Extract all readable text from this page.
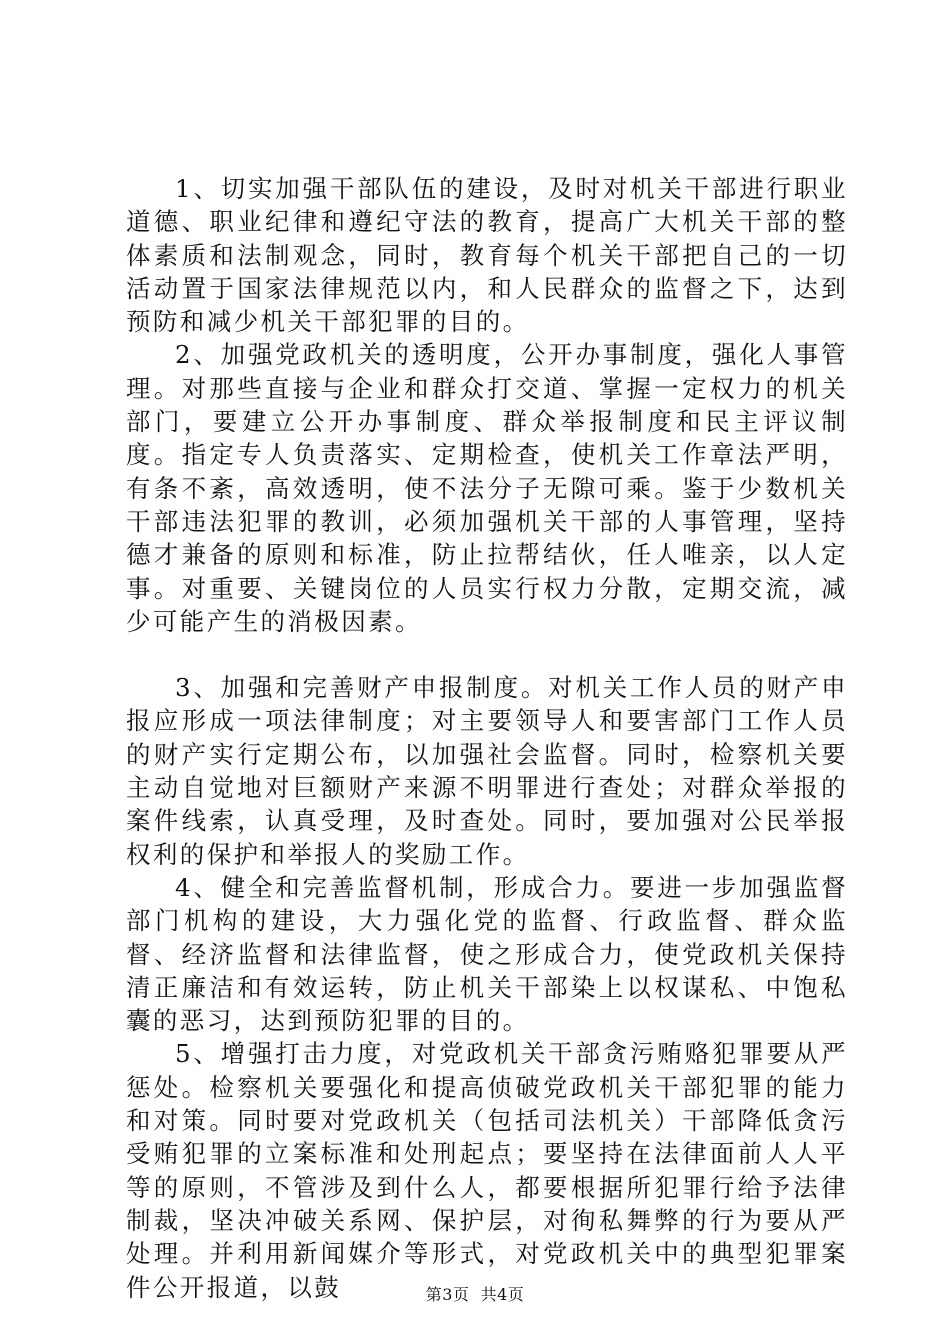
1、切实加强干部队伍的建设，及时对机关干部进行职业道德、职业纪律和遵纪守法的教育，提高广大机关干部的整体素质和法制观念，同时，教育每个机关干部把自己的一切活动置于国家法律规范以内，和人民群众的监督之下，达到预防和减少机关干部犯罪的目的。

2、加强党政机关的透明度，公开办事制度，强化人事管理。对那些直接与企业和群众打交道、掌握一定权力的机关部门，要建立公开办事制度、群众举报制度和民主评议制度。指定专人负责落实、定期检查，使机关工作章法严明，有条不紊，高效透明，使不法分子无隙可乘。鉴于少数机关干部违法犯罪的教训，必须加强机关干部的人事管理，坚持德才兼备的原则和标准，防止拉帮结伙，任人唯亲，以人定事。对重要、关键岗位的人员实行权力分散，定期交流，减少可能产生的消极因素。

3、加强和完善财产申报制度。对机关工作人员的财产申报应形成一项法律制度；对主要领导人和要害部门工作人员的财产实行定期公布，以加强社会监督。同时，检察机关要主动自觉地对巨额财产来源不明罪进行查处；对群众举报的案件线索，认真受理，及时查处。同时，要加强对公民举报权利的保护和举报人的奖励工作。

4、健全和完善监督机制，形成合力。要进一步加强监督部门机构的建设，大力强化党的监督、行政监督、群众监督、经济监督和法律监督，使之形成合力，使党政机关保持清正廉洁和有效运转，防止机关干部染上以权谋私、中饱私囊的恶习，达到预防犯罪的目的。

5、增强打击力度，对党政机关干部贪污贿赂犯罪要从严惩处。检察机关要强化和提高侦破党政机关干部犯罪的能力和对策。同时要对党政机关（包括司法机关）干部降低贪污受贿犯罪的立案标准和处刑起点；要坚持在法律面前人人平等的原则，不管涉及到什么人，都要根据所犯罪行给予法律制裁，坚决冲破关系网、保护层，对徇私舞弊的行为要从严处理。并利用新闻媒介等形式，对党政机关中的典型犯罪案件公开报道，以鼓	第3页  共4页
